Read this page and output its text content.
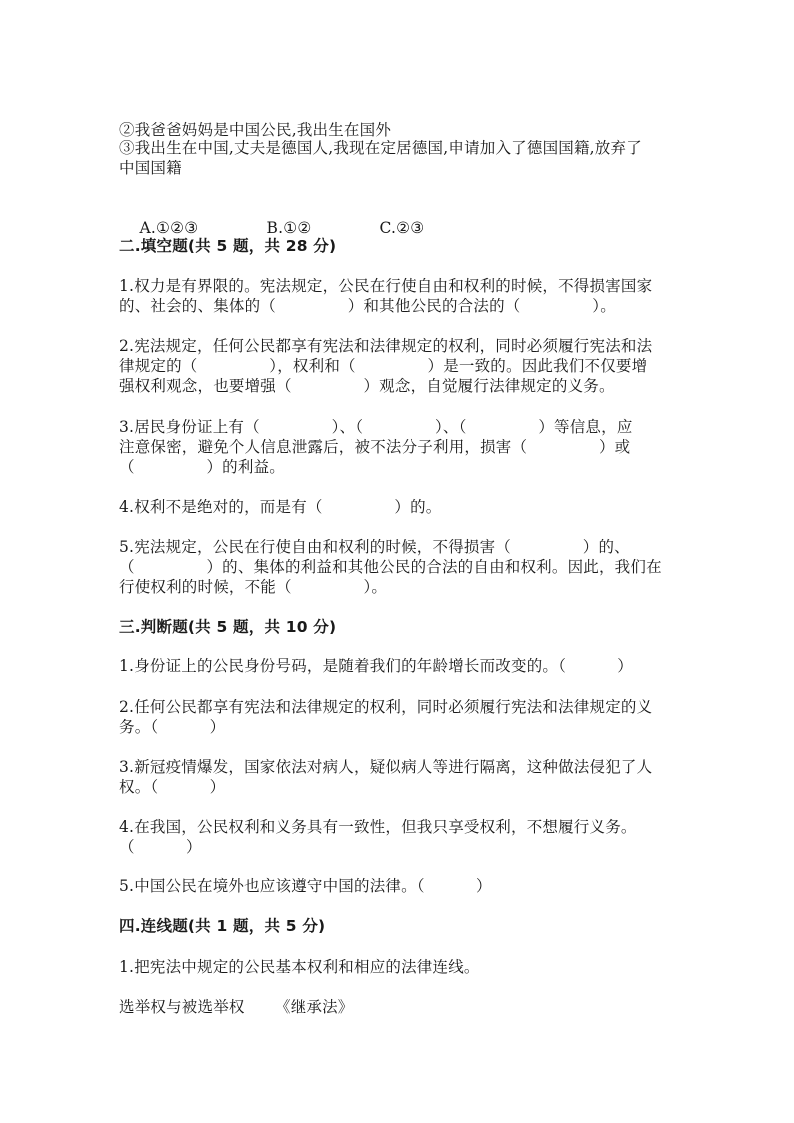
②我爸爸妈妈是中国公民,我出生在国外
③我出生在中国,丈夫是德国人,我现在定居德国,申请加入了德国国籍,放弃了
中国国籍

A.①②③	B.①②	C.②③

二.填空题(共 5 题，共 28 分)
1.权力是有界限的。宪法规定，公民在行使自由和权利的时候，不得损害国家
的、社会的、集体的（              ）和其他公民的合法的（              ）。
2.宪法规定，任何公民都享有宪法和法律规定的权利，同时必须履行宪法和法
律规定的（              ），权利和（              ）是一致的。因此我们不仅要增
强权利观念，也要增强（              ）观念，自觉履行法律规定的义务。
3.居民身份证上有（              ）、（              ）、（              ）等信息，应
注意保密，避免个人信息泄露后，被不法分子利用，损害（              ）或
（              ）的利益。
4.权利不是绝对的，而是有（              ）的。
5.宪法规定，公民在行使自由和权利的时候，不得损害（              ）的、
（              ）的、集体的利益和其他公民的合法的自由和权利。因此，我们在
行使权利的时候，不能（              ）。
三.判断题(共 5 题，共 10 分)
1.身份证上的公民身份号码，是随着我们的年龄增长而改变的。（          ）
2.任何公民都享有宪法和法律规定的权利，同时必须履行宪法和法律规定的义
务。（          ）
3.新冠疫情爆发，国家依法对病人，疑似病人等进行隔离，这种做法侵犯了人
权。（          ）
4.在我国，公民权利和义务具有一致性，但我只享受权利，不想履行义务。
（          ）
5.中国公民在境外也应该遵守中国的法律。（          ）
四.连线题(共 1 题，共 5 分)
1.把宪法中规定的公民基本权利和相应的法律连线。
选举权与被选举权 《继承法》
